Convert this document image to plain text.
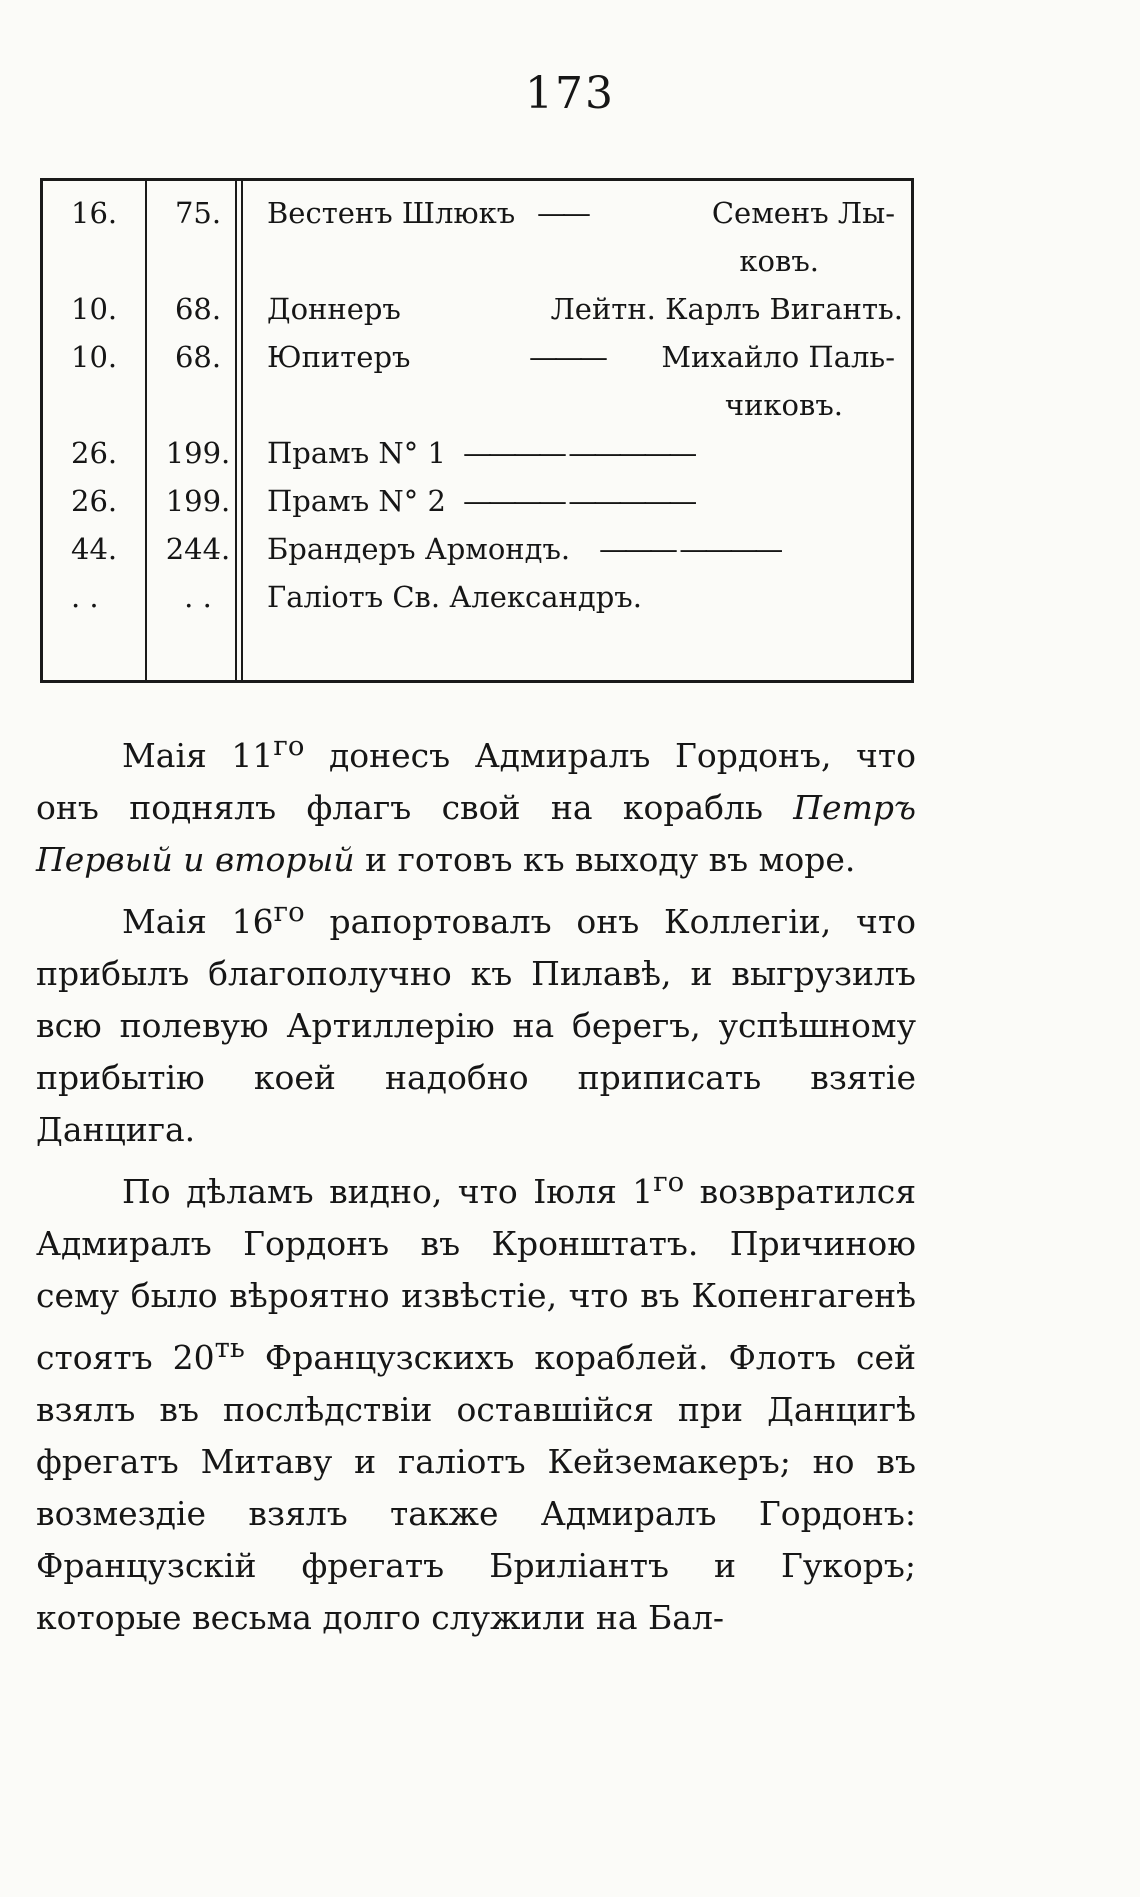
173
16.	75.	Вестенъ Шлюкъ ——	Семенъ Лы-
ковъ.
10.	68.	Доннеръ	Лейтн. Карлъ Виганть.
10.	68.	Юпитеръ	——— Михайло Паль-
чиковъ.
26. 199. Прамъ N° 1 ———— —————
26. 199. Прамъ N° 2 ———— —————
44. 244. Брандеръ Армондъ. ——— ————
. .	. .	Галіотъ Св. Александръ.

Маія $11^{го}$ донесъ Адмиралъ Гордонъ, что онъ поднялъ флагъ свой на корабль Петръ Первый и вторый и готовъ къ выходу въ море.

Маія $16^{го}$ рапортовалъ онъ Коллегіи, что прибылъ благополучно къ Пилавѣ, и выгрузилъ всю полевую Артиллерію на берегъ, успѣшному прибытію коей надобно приписать взятіе Данцига.

По дѣламъ видно, что Іюля $1^{го}$ возвратился Адмиралъ Гордонъ въ Кронштатъ. Причиною сему было вѣроятно извѣстіе, что въ Копенгагенѣ стоятъ $20^{ть}$ Французскихъ кораблей. Флотъ сей взялъ въ послѣдствіи оставшійся при Данцигѣ фрегатъ Митаву и галіотъ Кейземакеръ; но въ возмездіе взялъ также Адмиралъ Гордонъ: Французскій фрегатъ Бриліантъ и Гукоръ; которые весьма долго служили на Бал-
